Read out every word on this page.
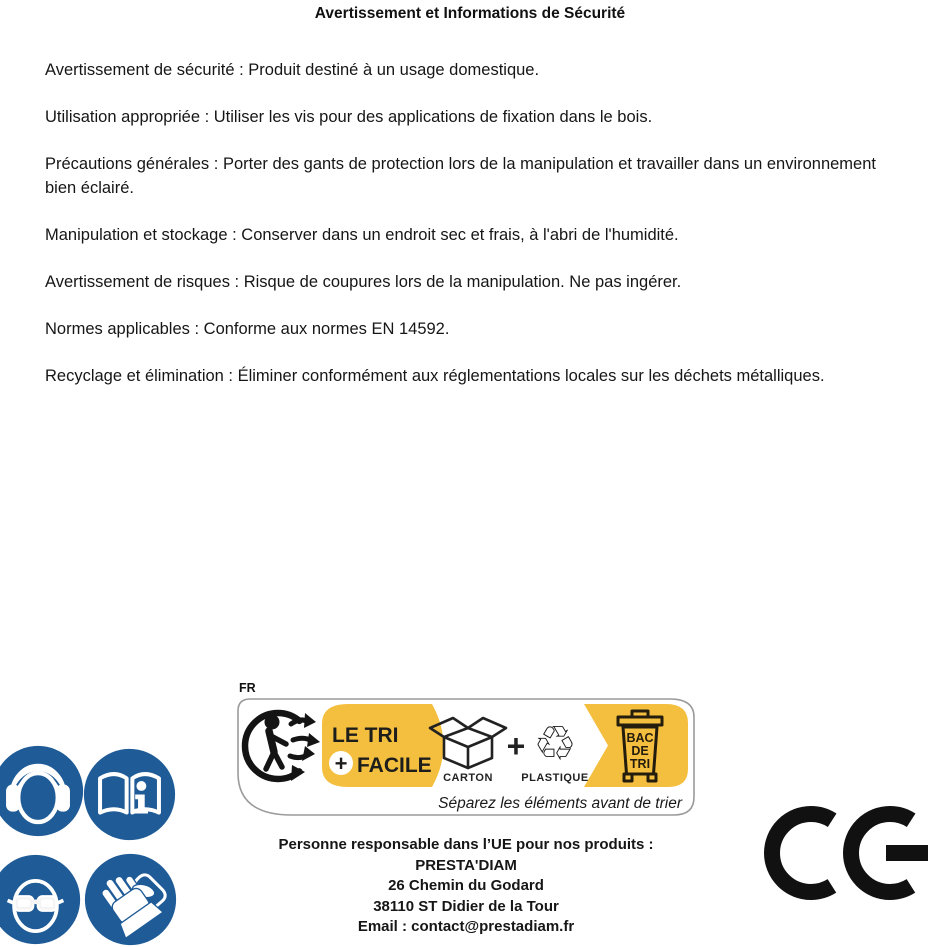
Avertissement et Informations de Sécurité

Avertissement de sécurité : Produit destiné à un usage domestique.

Utilisation appropriée : Utiliser les vis pour des applications de fixation dans le bois.

Précautions générales : Porter des gants de protection lors de la manipulation et travailler dans un environnement bien éclairé.

Manipulation et stockage : Conserver dans un endroit sec et frais, à l'abri de l'humidité.

Avertissement de risques : Risque de coupures lors de la manipulation. Ne pas ingérer.

Normes applicables : Conforme aux normes EN 14592.

Recyclage et élimination : Éliminer conformément aux réglementations locales sur les déchets métalliques.

FR
LE TRI
+ FACILE
CARTON
+ ♲
PLASTIQUE
BAC
DE
TRI
Séparez les éléments avant de trier
Personne responsable dans l’UE pour nos produits :
PRESTA'DIAM
26 Chemin du Godard
38110 ST Didier de la Tour
Email : contact@prestadiam.fr
